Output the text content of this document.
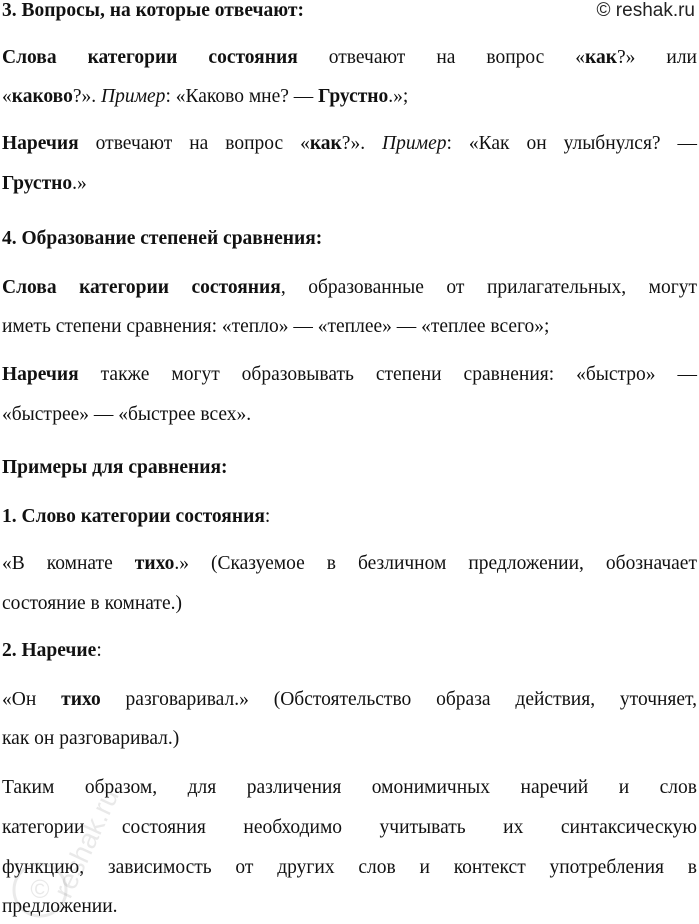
© reshak.ru
3. Вопросы, на которые отвечают:
Слова категории состояния отвечают на вопрос «как?» или
«каково?». Пример: «Каково мне? — Грустно.»;
Наречия отвечают на вопрос «как?». Пример: «Как он улыбнулся? —
Грустно.»
4. Образование степеней сравнения:
Слова категории состояния, образованные от прилагательных, могут
иметь степени сравнения: «тепло» — «теплее» — «теплее всего»;
Наречия также могут образовывать степени сравнения: «быстро» —
«быстрее» — «быстрее всех».
Примеры для сравнения:
1. Слово категории состояния:
«В комнате тихо.» (Сказуемое в безличном предложении, обозначает
состояние в комнате.)
2. Наречие:
«Он тихо разговаривал.» (Обстоятельство образа действия, уточняет,
как он разговаривал.)
Таким образом, для различения омонимичных наречий и слов
категории состояния необходимо учитывать их синтаксическую
функцию, зависимость от других слов и контекст употребления в
предложении.
©
reshak.ru
